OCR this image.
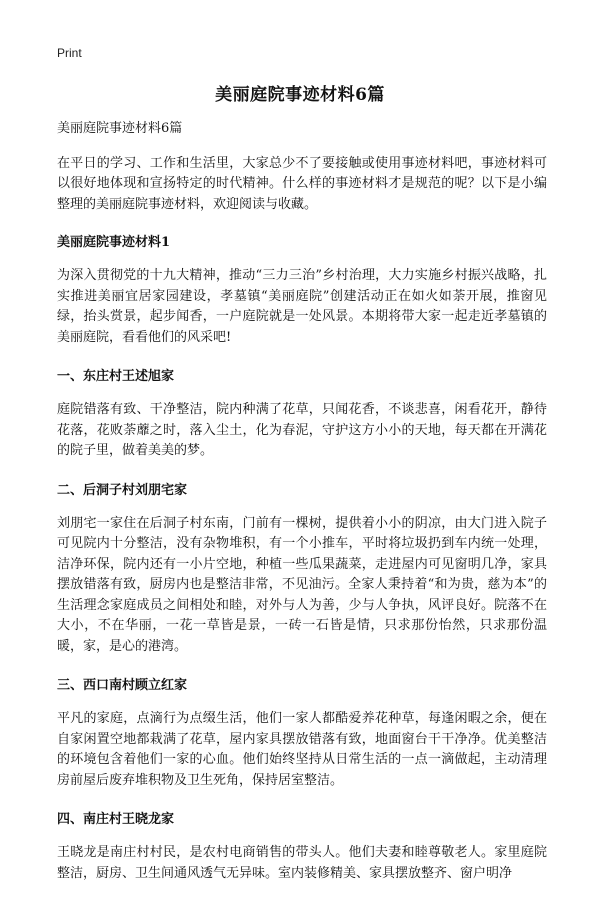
Print
美丽庭院事迹材料6篇

美丽庭院事迹材料6篇

在平日的学习、工作和生活里，大家总少不了要接触或使用事迹材料吧，事迹材料可以很好地体现和宣扬特定的时代精神。什么样的事迹材料才是规范的呢？以下是小编整理的美丽庭院事迹材料，欢迎阅读与收藏。

美丽庭院事迹材料1

为深入贯彻党的十九大精神，推动“三力三治”乡村治理，大力实施乡村振兴战略，扎实推进美丽宜居家园建设，孝墓镇“美丽庭院”创建活动正在如火如荼开展，推窗见绿，抬头赏景，起步闻香，一户庭院就是一处风景。本期将带大家一起走近孝墓镇的美丽庭院，看看他们的风采吧!

一、东庄村王述旭家

庭院错落有致、干净整洁，院内种满了花草，只闻花香，不谈悲喜，闲看花开，静待花落，花败荼蘼之时，落入尘土，化为春泥，守护这方小小的天地，每天都在开满花的院子里，做着美美的梦。

二、后洞子村刘朋宅家

刘朋宅一家住在后洞子村东南，门前有一棵树，提供着小小的阴凉，由大门进入院子可见院内十分整洁，没有杂物堆积，有一个小推车，平时将垃圾扔到车内统一处理，洁净环保，院内还有一小片空地，种植一些瓜果蔬菜，走进屋内可见窗明几净，家具摆放错落有致，厨房内也是整洁非常，不见油污。全家人秉持着“和为贵，慈为本”的生活理念家庭成员之间相处和睦，对外与人为善，少与人争执，风评良好。院落不在大小，不在华丽，一花一草皆是景，一砖一石皆是情，只求那份怡然，只求那份温暖，家，是心的港湾。

三、西口南村顾立红家

平凡的家庭，点滴行为点缀生活，他们一家人都酷爱养花种草，每逢闲暇之余，便在自家闲置空地都栽满了花草，屋内家具摆放错落有致，地面窗台干干净净。优美整洁的环境包含着他们一家的心血。他们始终坚持从日常生活的一点一滴做起，主动清理房前屋后废弃堆积物及卫生死角，保持居室整洁。

四、南庄村王晓龙家

王晓龙是南庄村村民，是农村电商销售的带头人。他们夫妻和睦尊敬老人。家里庭院整洁，厨房、卫生间通风透气无异味。室内装修精美、家具摆放整齐、窗户明净
